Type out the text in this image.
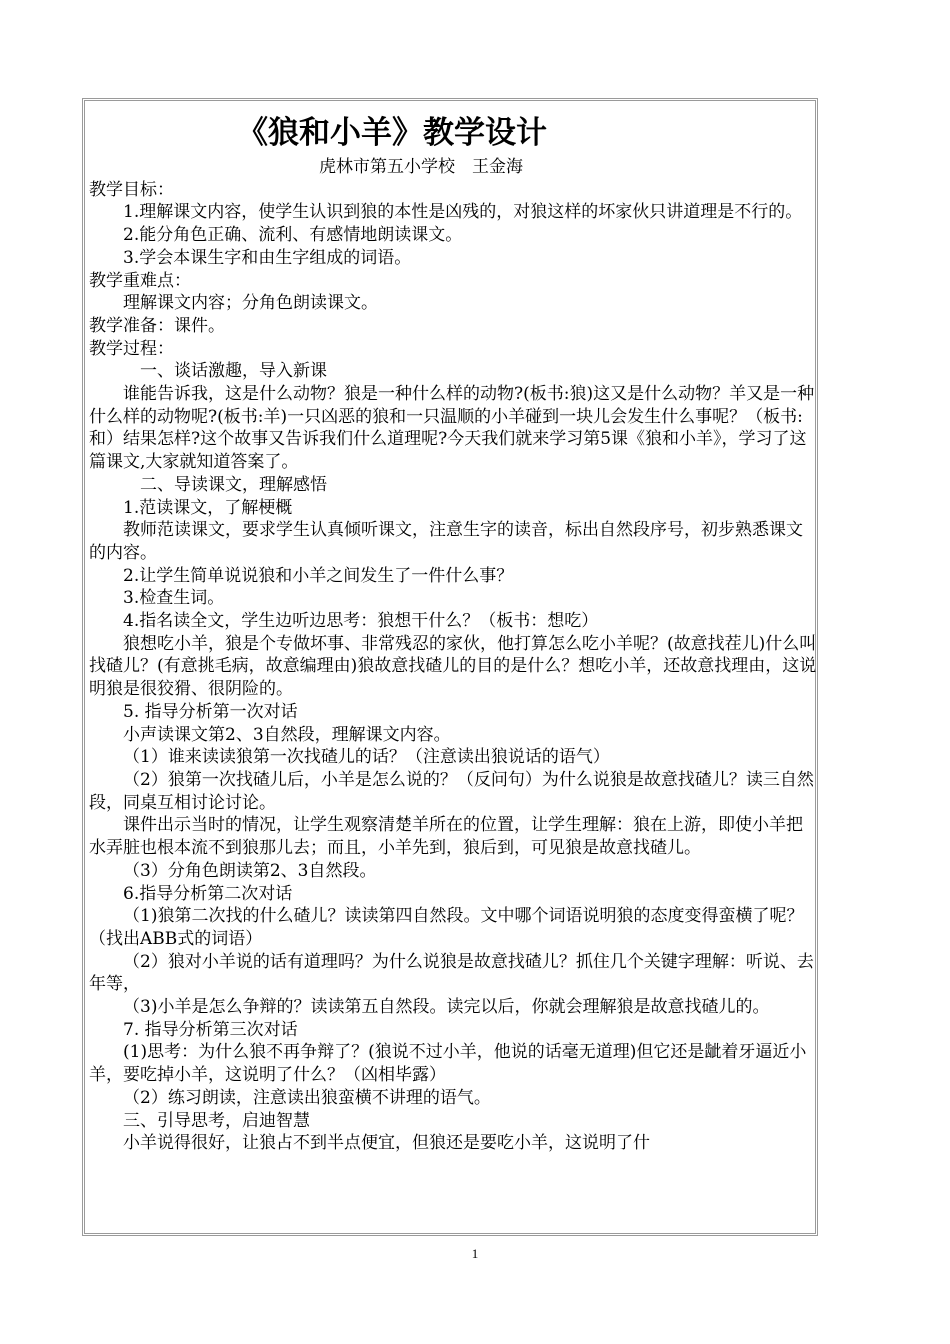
《狼和小羊》教学设计
虎林市第五小学校　王金海

教学目标：

1.理解课文内容，使学生认识到狼的本性是凶残的，对狼这样的坏家伙只讲道理是不行的。

2.能分角色正确、流利、有感情地朗读课文。

3.学会本课生字和由生字组成的词语。

教学重难点：

理解课文内容；分角色朗读课文。

教学准备：课件。

教学过程：

一、谈话激趣，导入新课

谁能告诉我，这是什么动物？狼是一种什么样的动物?(板书:狼)这又是什么动物？羊又是一种什么样的动物呢?(板书:羊)一只凶恶的狼和一只温顺的小羊碰到一块儿会发生什么事呢？（板书:和）结果怎样?这个故事又告诉我们什么道理呢?今天我们就来学习第5课《狼和小羊》，学习了这篇课文,大家就知道答案了。

二、导读课文，理解感悟

1.范读课文，了解梗概

教师范读课文，要求学生认真倾听课文，注意生字的读音，标出自然段序号，初步熟悉课文的内容。

2.让学生简单说说狼和小羊之间发生了一件什么事？

3.检查生词。

4.指名读全文，学生边听边思考：狼想干什么？（板书：想吃）

狼想吃小羊，狼是个专做坏事、非常残忍的家伙，他打算怎么吃小羊呢？(故意找茬儿)什么叫找碴儿？(有意挑毛病，故意编理由)狼故意找碴儿的目的是什么？想吃小羊，还故意找理由，这说明狼是很狡猾、很阴险的。

5. 指导分析第一次对话

小声读课文第2、3自然段，理解课文内容。

（1）谁来读读狼第一次找碴儿的话？（注意读出狼说话的语气）

（2）狼第一次找碴儿后，小羊是怎么说的？（反问句）为什么说狼是故意找碴儿？读三自然段，同桌互相讨论讨论。

课件出示当时的情况，让学生观察清楚羊所在的位置，让学生理解：狼在上游，即使小羊把水弄脏也根本流不到狼那儿去；而且，小羊先到，狼后到，可见狼是故意找碴儿。

（3）分角色朗读第2、3自然段。

6.指导分析第二次对话

（1)狼第二次找的什么碴儿？读读第四自然段。文中哪个词语说明狼的态度变得蛮横了呢？（找出ABB式的词语）

（2）狼对小羊说的话有道理吗？为什么说狼是故意找碴儿？抓住几个关键字理解：听说、去年等，

（3)小羊是怎么争辩的？读读第五自然段。读完以后，你就会理解狼是故意找碴儿的。

7. 指导分析第三次对话

(1)思考：为什么狼不再争辩了？(狼说不过小羊，他说的话毫无道理)但它还是龇着牙逼近小羊，要吃掉小羊，这说明了什么？（凶相毕露）

（2）练习朗读，注意读出狼蛮横不讲理的语气。

三、引导思考，启迪智慧

小羊说得很好，让狼占不到半点便宜，但狼还是要吃小羊，这说明了什

1
